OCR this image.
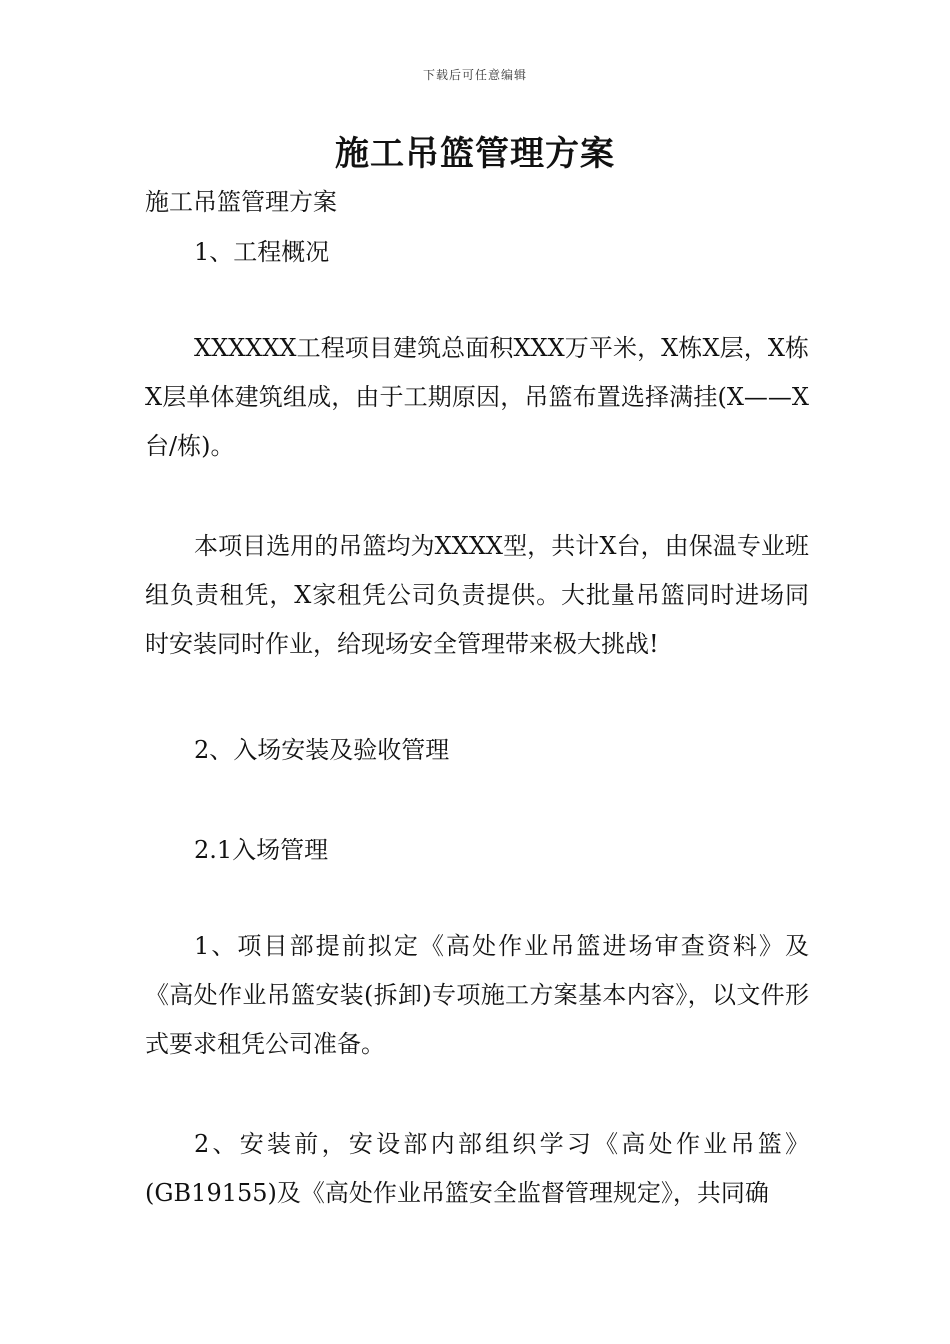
下载后可任意编辑
施工吊篮管理方案
施工吊篮管理方案
1、工程概况
XXXXXX工程项目建筑总面积XXX万平米，X栋X层，X栋X层单体建筑组成，由于工期原因，吊篮布置选择满挂(X——X台/栋)。
本项目选用的吊篮均为XXXX型，共计X台，由保温专业班组负责租凭，X家租凭公司负责提供。大批量吊篮同时进场同时安装同时作业，给现场安全管理带来极大挑战!
2、入场安装及验收管理
2.1入场管理
1、项目部提前拟定《高处作业吊篮进场审查资料》及《高处作业吊篮安装(拆卸)专项施工方案基本内容》，以文件形式要求租凭公司准备。
2、安装前，安设部内部组织学习《高处作业吊篮》(GB19155)及《高处作业吊篮安全监督管理规定》，共同确
